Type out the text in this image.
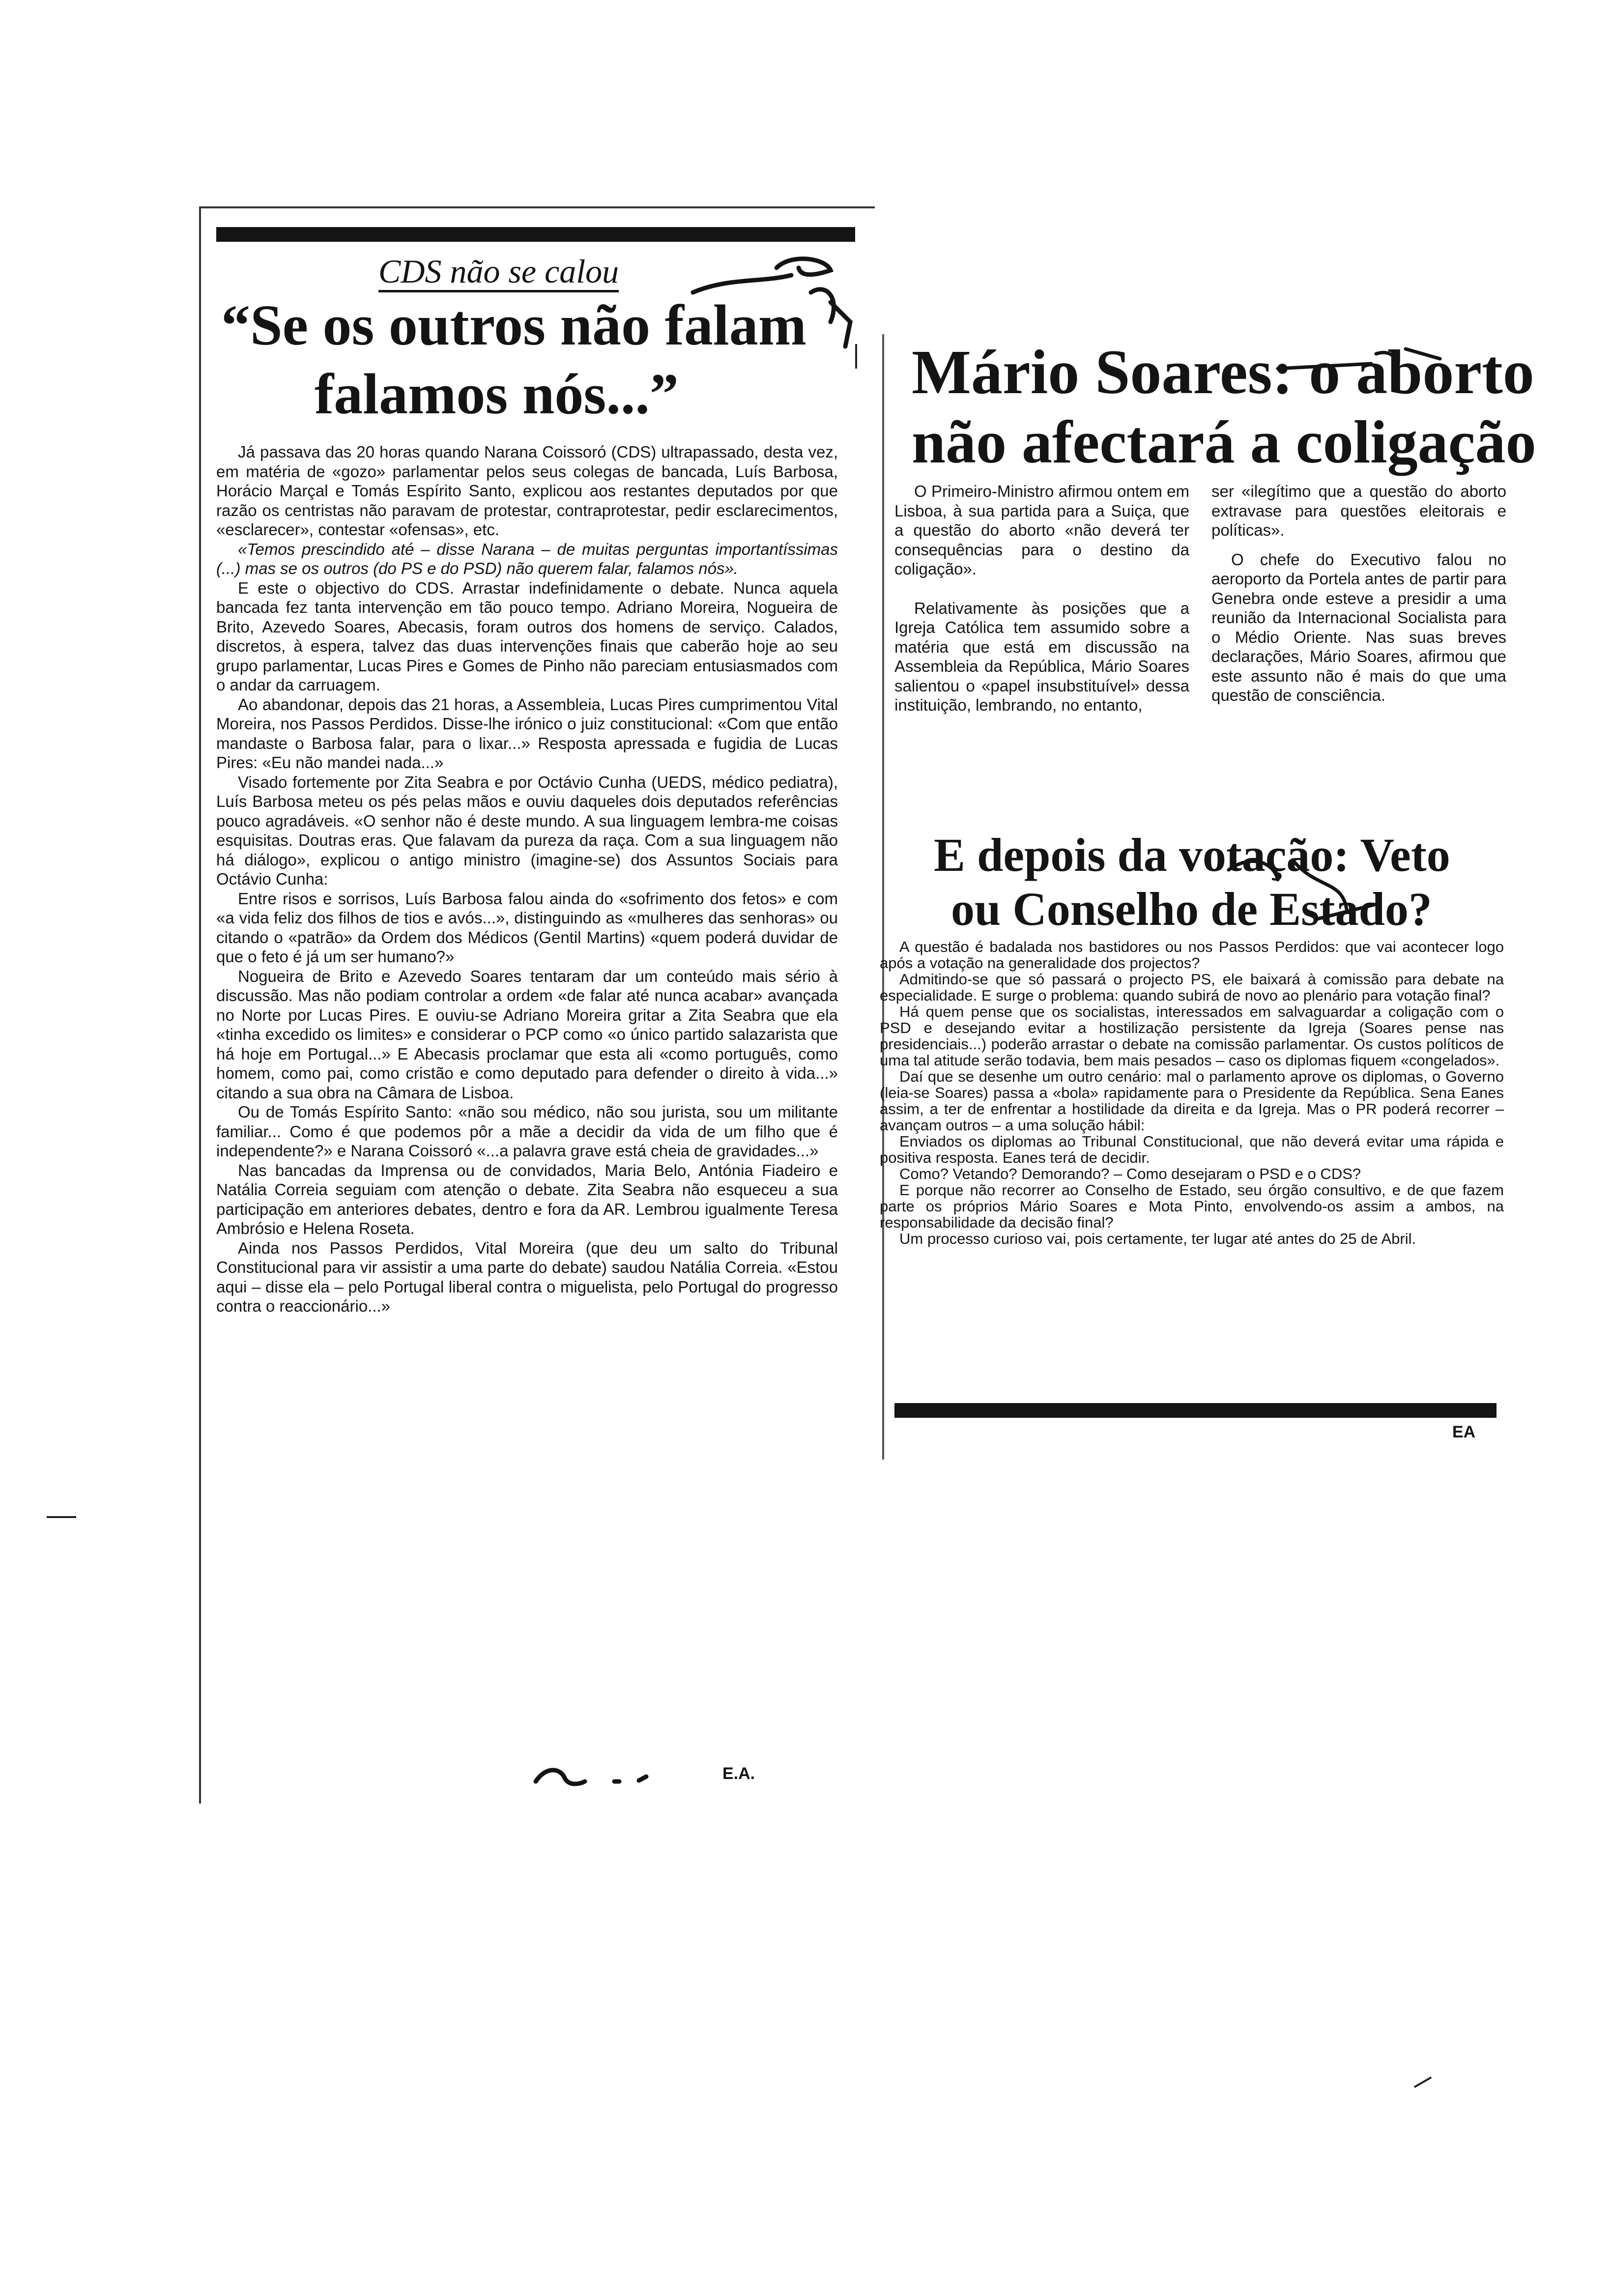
CDS não se calou
“Se os outros não falam
falamos nós...”

Já passava das 20 horas quando Narana Coissoró (CDS) ultrapassado, desta vez, em matéria de «gozo» parlamentar pelos seus colegas de bancada, Luís Barbosa, Horácio Marçal e Tomás Espírito Santo, explicou aos restantes deputados por que razão os centristas não paravam de protestar, contraprotestar, pedir esclarecimentos, «esclarecer», contestar «ofensas», etc.

«Temos prescindido até – disse Narana – de muitas perguntas importantíssimas (...) mas se os outros (do PS e do PSD) não querem falar, falamos nós».

E este o objectivo do CDS. Arrastar indefinidamente o debate. Nunca aquela bancada fez tanta intervenção em tão pouco tempo. Adriano Moreira, Nogueira de Brito, Azevedo Soares, Abecasis, foram outros dos homens de serviço. Calados, discretos, à espera, talvez das duas intervenções finais que caberão hoje ao seu grupo parlamentar, Lucas Pires e Gomes de Pinho não pareciam entusiasmados com o andar da carruagem.

Ao abandonar, depois das 21 horas, a Assembleia, Lucas Pires cumprimentou Vital Moreira, nos Passos Perdidos. Disse-lhe irónico o juiz constitucional: «Com que então mandaste o Barbosa falar, para o lixar...» Resposta apressada e fugidia de Lucas Pires: «Eu não mandei nada...»

Visado fortemente por Zita Seabra e por Octávio Cunha (UEDS, médico pediatra), Luís Barbosa meteu os pés pelas mãos e ouviu daqueles dois deputados referências pouco agradáveis. «O senhor não é deste mundo. A sua linguagem lembra-me coisas esquisitas. Doutras eras. Que falavam da pureza da raça. Com a sua linguagem não há diálogo», explicou o antigo ministro (imagine-se) dos Assuntos Sociais para Octávio Cunha:

Entre risos e sorrisos, Luís Barbosa falou ainda do «sofrimento dos fetos» e com «a vida feliz dos filhos de tios e avós...», distinguindo as «mulheres das senhoras» ou citando o «patrão» da Ordem dos Médicos (Gentil Martins) «quem poderá duvidar de que o feto é já um ser humano?»

Nogueira de Brito e Azevedo Soares tentaram dar um conteúdo mais sério à discussão. Mas não podiam controlar a ordem «de falar até nunca acabar» avançada no Norte por Lucas Pires. E ouviu-se Adriano Moreira gritar a Zita Seabra que ela «tinha excedido os limites» e considerar o PCP como «o único partido salazarista que há hoje em Portugal...» E Abecasis proclamar que esta ali «como português, como homem, como pai, como cristão e como deputado para defender o direito à vida...» citando a sua obra na Câmara de Lisboa.

Ou de Tomás Espírito Santo: «não sou médico, não sou jurista, sou um militante familiar... Como é que podemos pôr a mãe a decidir da vida de um filho que é independente?» e Narana Coissoró «...a palavra grave está cheia de gravidades...»

Nas bancadas da Imprensa ou de convidados, Maria Belo, Antónia Fiadeiro e Natália Correia seguiam com atenção o debate. Zita Seabra não esqueceu a sua participação em anteriores debates, dentro e fora da AR. Lembrou igualmente Teresa Ambrósio e Helena Roseta.

Ainda nos Passos Perdidos, Vital Moreira (que deu um salto do Tribunal Constitucional para vir assistir a uma parte do debate) saudou Natália Correia. «Estou aqui – disse ela – pelo Portugal liberal contra o miguelista, pelo Portugal do progresso contra o reaccionário...»

E.A.
Mário Soares: o aborto
não afectará a coligação

O Primeiro-Ministro afirmou ontem em Lisboa, à sua partida para a Suiça, que a questão do aborto «não deverá ter consequências para o destino da coligação».

Relativamente às posições que a Igreja Católica tem assumido sobre a matéria que está em discussão na Assembleia da República, Mário Soares salientou o «papel insubstituível» dessa instituição, lembrando, no entanto,

ser «ilegítimo que a questão do aborto extravase para questões eleitorais e políticas».

O chefe do Executivo falou no aeroporto da Portela antes de partir para Genebra onde esteve a presidir a uma reunião da Internacional Socialista para o Médio Oriente. Nas suas breves declarações, Mário Soares, afirmou que este assunto não é mais do que uma questão de consciência.

E depois da votação: Veto
ou Conselho de Estado?

A questão é badalada nos bastidores ou nos Passos Perdidos: que vai acontecer logo após a votação na generalidade dos projectos?

Admitindo-se que só passará o projecto PS, ele baixará à comissão para debate na especialidade. E surge o problema: quando subirá de novo ao plenário para votação final?

Há quem pense que os socialistas, interessados em salvaguardar a coligação com o PSD e desejando evitar a hostilização persistente da Igreja (Soares pense nas presidenciais...) poderão arrastar o debate na comissão parlamentar. Os custos políticos de uma tal atitude serão todavia, bem mais pesados – caso os diplomas fiquem «congelados».

Daí que se desenhe um outro cenário: mal o parlamento aprove os diplomas, o Governo (leia-se Soares) passa a «bola» rapidamente para o Presidente da República. Sena Eanes assim, a ter de enfrentar a hostilidade da direita e da Igreja. Mas o PR poderá recorrer – avançam outros – a uma solução hábil:

Enviados os diplomas ao Tribunal Constitucional, que não deverá evitar uma rápida e positiva resposta. Eanes terá de decidir.

Como? Vetando? Demorando? – Como desejaram o PSD e o CDS?

E porque não recorrer ao Conselho de Estado, seu órgão consultivo, e de que fazem parte os próprios Mário Soares e Mota Pinto, envolvendo-os assim a ambos, na responsabilidade da decisão final?

Um processo curioso vai, pois certamente, ter lugar até antes do 25 de Abril.

EA
